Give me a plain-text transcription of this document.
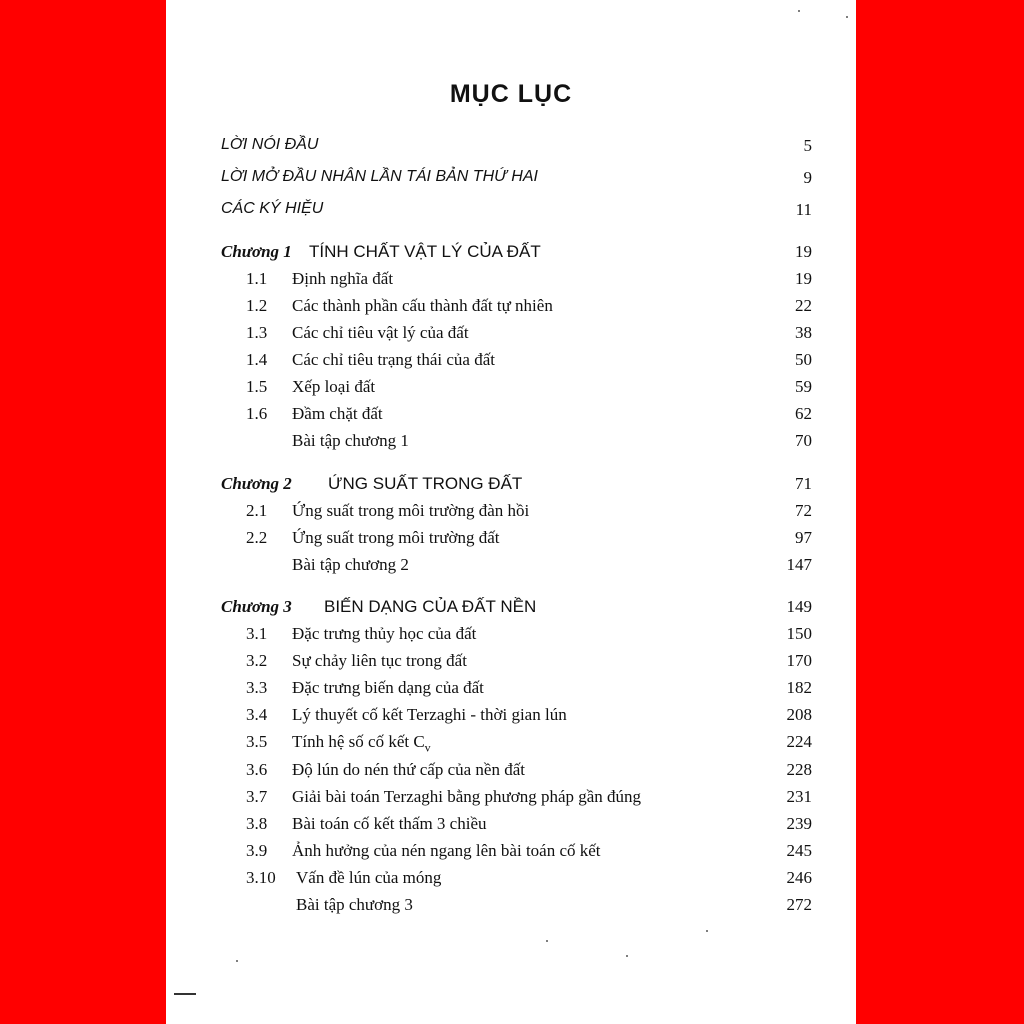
MỤC LỤC
LỜI NÓI ĐẦU	5
LỜI MỞ ĐẦU NHÂN LẦN TÁI BẢN THỨ HAI	9
CÁC KÝ HIỆU	11
Chương 1 TÍNH CHẤT VẬT LÝ CỦA ĐẤT	19
1.1 Định nghĩa đất	19
1.2 Các thành phần cấu thành đất tự nhiên	22
1.3 Các chỉ tiêu vật lý của đất	38
1.4 Các chỉ tiêu trạng thái của đất	50
1.5 Xếp loại đất	59
1.6 Đầm chặt đất	62
Bài tập chương 1	70
Chương 2 ỨNG SUẤT TRONG ĐẤT	71
2.1 Ứng suất trong môi trường đàn hồi	72
2.2 Ứng suất trong môi trường đất	97
Bài tập chương 2	147
Chương 3 BIẾN DẠNG CỦA ĐẤT NỀN	149
3.1 Đặc trưng thủy học của đất	150
3.2 Sự chảy liên tục trong đất	170
3.3 Đặc trưng biến dạng của đất	182
3.4 Lý thuyết cố kết Terzaghi - thời gian lún	208
3.5 Tính hệ số cố kết $C_v$	224
3.6 Độ lún do nén thứ cấp của nền đất	228
3.7 Giải bài toán Terzaghi bằng phương pháp gần đúng	231
3.8 Bài toán cố kết thấm 3 chiều	239
3.9 Ảnh hưởng của nén ngang lên bài toán cố kết	245
3.10 Vấn đề lún của móng	246
Bài tập chương 3	272
